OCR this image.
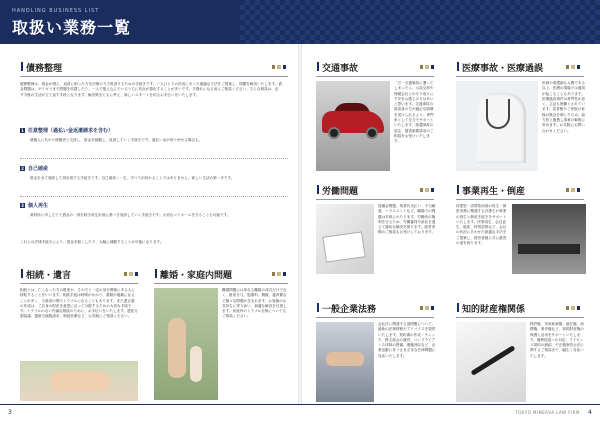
HANDLING BUSINESS LIST
取扱い業務一覧
債務整理
債務整理は、借金が増え、返済に困った方を法律の力で救済するための手続きです。一人ひとりの状況にあった最適な方法をご提案し、問題を解決いたします。借金問題は、ギリギリまで問題を放置したり、一人で抱え込んでいるうちに状況が悪化することが多いです。手遅れになる前にご相談ください。そんな相談は、必ず今後の生活が立て直す手段となります。解決策をともに考え、新しいスタートを切るお手伝いをいたします。
1 任意整理（過払い金返還請求を含む）
債権人に代わり債権者と交渉し、借金を減額し、返済していく手続きです。過払い金が取り戻せる場合も。
2 自己破産
借金を全て免除して再出発する手続きです。自己破産＝一生、すべてが終わることではありません。新しい生活の第一歩です。
3 個人再生
裁判所に申し立てて借金の一部を除き再生計画に基づき返済していく手続きです。大切なマイホームを守ることも可能です。
これらの法律手続きにより、借金を軽くしたり、大幅に減額することが可能になります。
相続・遺言
相続とは、亡くなった方の財産が、その方と一定の身分関係にある人に移転することをいいます。相続手続は時間がかかり、書類が複雑になることが多く、当事者の間でトラブルになることもあります。また遺言書の作成は、ご自身の財産を意思に沿って分配するための大切な手段です。トラブルのない円満な相続のために、お手伝いをいたします。遺産分割協議、遺留分減殺請求、相続放棄など、お気軽にご相談ください。
離婚・家庭内問題
離婚問題には単なる離婚の成否だけでなく、財産分与、慰謝料、親権、養育費など様々な問題が含まれます。お客様のお気持ちに寄り添い、最適な解決を目指します。家庭内のトラブル全般についてもご相談ください。
交通事故
「万一交通事故に遭ってしまったら、示談交渉や保険会社とのやり取りに不安をお感じの方は多いと思います。交通事故の被害者の方が適正な賠償を受けられるよう、専門家として全力でサポートいたします。後遺障害の認定、損害賠償請求のご相談をお受けいたします。
医療事故・医療過誤
医師や看護師も人間である以上、医療の現場では過誤が起こることもあります。医療過誤事件は専門性が高く、立証も困難とされています。患者様やご家族の皆様の無念を晴らすため、協力医と連携し事案の解明に努めます。お気軽にお問い合わせください。
労働問題
退職金問題、残業代未払い、不当解雇、ハラスメントなど、職場での問題は多岐にわたります。労働者の権利を守るため、労働審判や訴訟を通じて適切な解決を図ります。経営者側のご相談もお受けしております。
事業再生・倒産
再建型・清算型両面の再生・倒産実務に精通する弁護士が事業の再生と倒産手続きをサポートいたします。民事再生、会社更生、破産、特別清算など、会社の状況にあわせた最適な手法をご提案し、経営者様と共に最善の道を探ります。
一般企業法務
会社法に関連する諸問題について、最新の法律情報やアドバイスを提供いたします。契約書の作成・チェック、株主総会の運営、コンプライアンス体制の整備、債権回収など、企業活動に伴うさまざまな法律問題に対応いたします。
知的財産権関係
特許権、実用新案権、意匠権、商標権、著作権など、知的財産権の保護と活用をサポートいたします。権利侵害への対応、ライセンス契約の締結、不正競争防止法に関するご相談まで、幅広く対応いたします。
3	TOKYO MINERVA LAW FIRM 4
